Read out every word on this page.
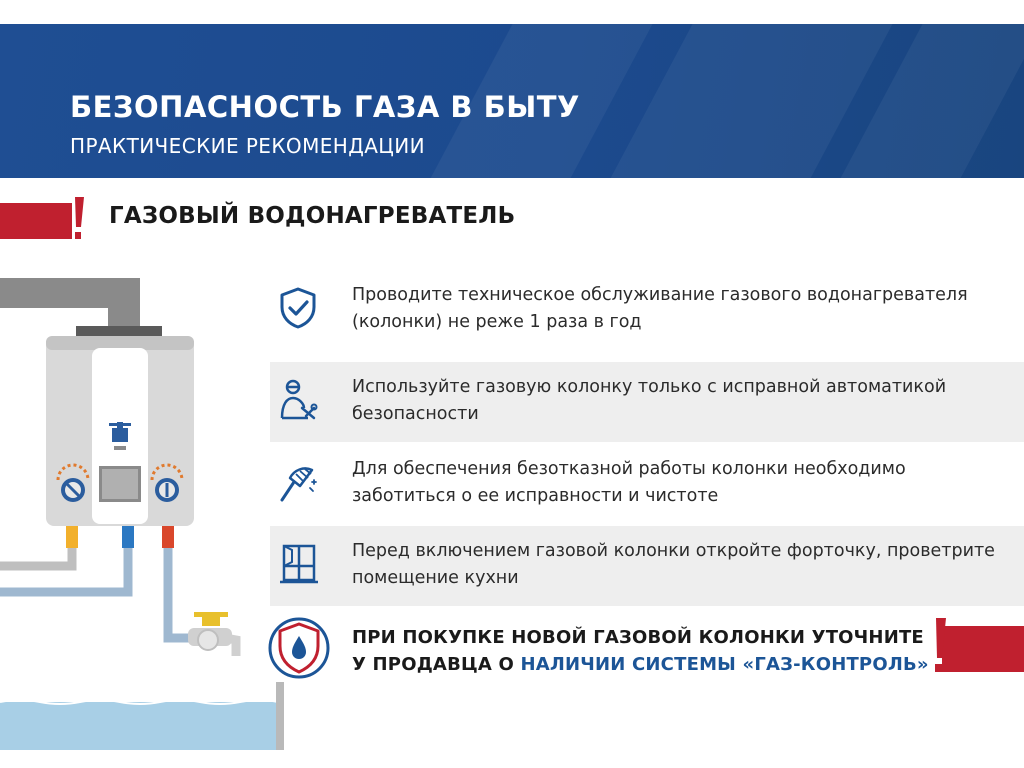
БЕЗОПАСНОСТЬ ГАЗА В БЫТУ
ПРАКТИЧЕСКИЕ РЕКОМЕНДАЦИИ
ГАЗОВЫЙ ВОДОНАГРЕВАТЕЛЬ
Проводите техническое обслуживание газового водонагревателя (колонки) не реже 1 раза в год
Используйте газовую колонку только с исправной автоматикой безопасности
Для обеспечения безотказной работы колонки необходимо заботиться о ее исправности и чистоте
Перед включением газовой колонки откройте форточку, проветрите помещение кухни
ПРИ ПОКУПКЕ НОВОЙ ГАЗОВОЙ КОЛОНКИ УТОЧНИТЕ
У ПРОДАВЦА О НАЛИЧИИ СИСТЕМЫ «ГАЗ-КОНТРОЛЬ»
